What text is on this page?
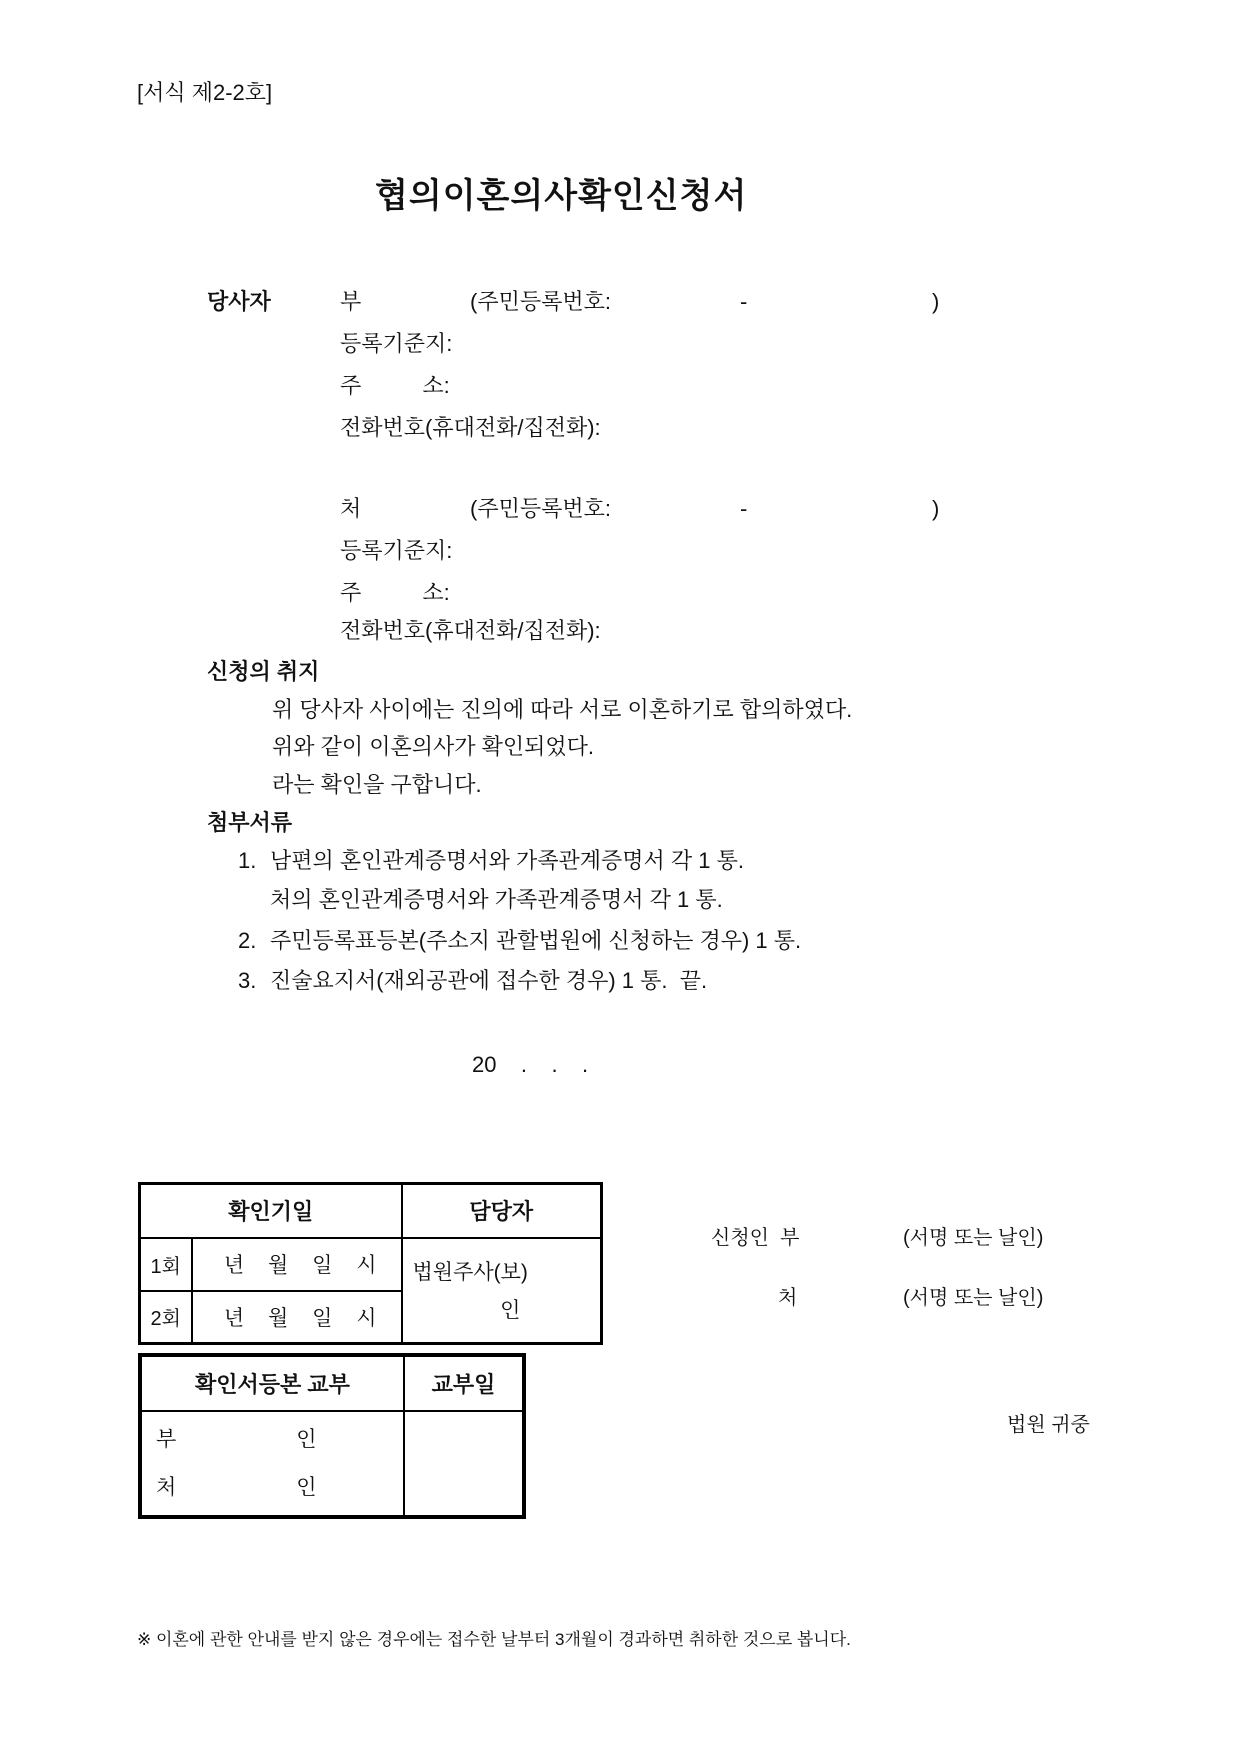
[서식 제2-2호]
협의이혼의사확인신청서
당사자	부	(주민등록번호:	-	)
등록기준지:
주          소:
전화번호(휴대전화/집전화):
처	(주민등록번호:	-	)
등록기준지:
주          소:
전화번호(휴대전화/집전화):
신청의 취지
위 당사자 사이에는 진의에 따라 서로 이혼하기로 합의하였다.
위와 같이 이혼의사가 확인되었다.
라는 확인을 구합니다.
첨부서류
1. 남편의 혼인관계증명서와 가족관계증명서 각 1 통.
처의 혼인관계증명서와 가족관계증명서 각 1 통.
2. 주민등록표등본(주소지 관할법원에 신청하는 경우) 1 통.
3. 진술요지서(재외공관에 접수한 경우) 1 통.  끝.
20    .    .    .
확인기일		담당자
1회	년 월 일 시	법원주사(보)
인

2회	년 월 일 시	
확인서등본 교부	교부일

부 인
처 인	

신청인  부	(서명 또는 날인)
처	(서명 또는 날인)
법원 귀중
※ 이혼에 관한 안내를 받지 않은 경우에는 접수한 날부터 3개월이 경과하면 취하한 것으로 봅니다.
